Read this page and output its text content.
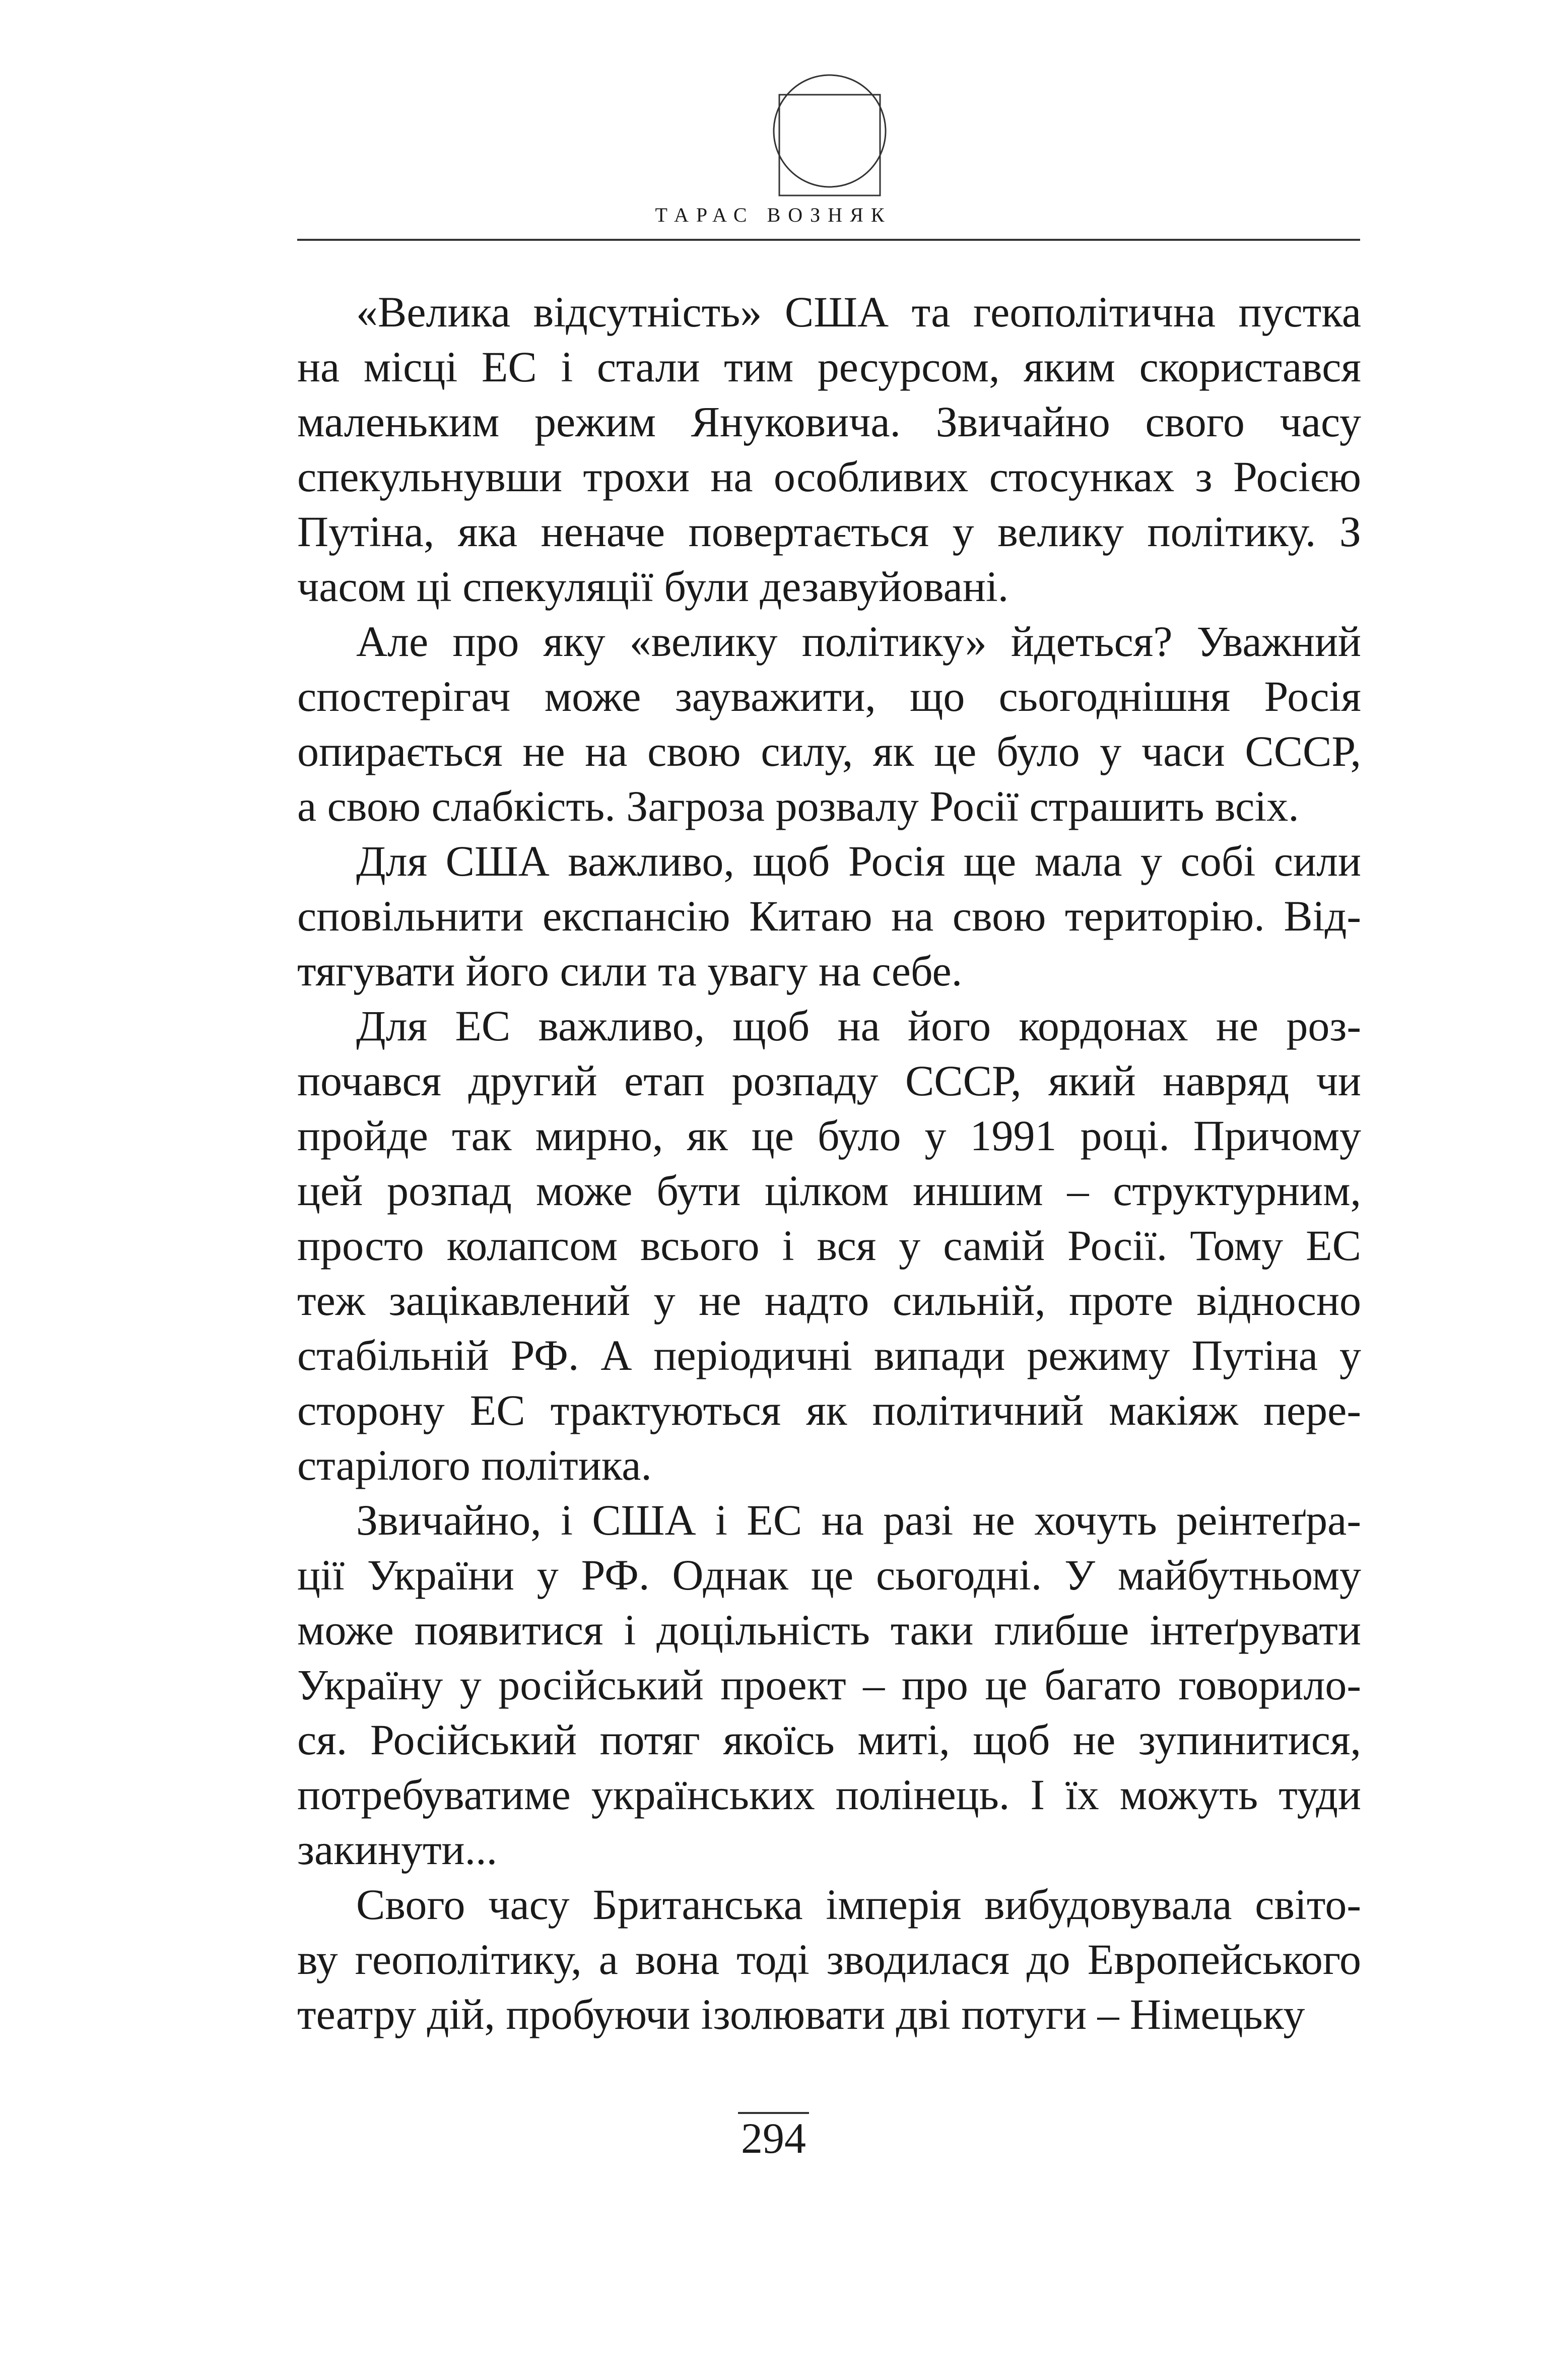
ТАРАС ВОЗНЯК
«Велика відсутність» США та геополітична пустка
на місці ЕС і стали тим ресурсом, яким скористався
маленьким режим Януковича. Звичайно свого часу
спекульнувши трохи на особливих стосунках з Росією
Путіна, яка неначе повертається у велику політику. З
часом ці спекуляції були дезавуйовані.
Але про яку «велику політику» йдеться? Уважний
спостерігач може зауважити, що сьогоднішня Росія
опирається не на свою силу, як це було у часи СССР,
а свою слабкість. Загроза розвалу Росії страшить всіх.
Для США важливо, щоб Росія ще мала у собі сили
сповільнити експансію Китаю на свою територію. Від-
тягувати його сили та увагу на себе.
Для ЕС важливо, щоб на його кордонах не роз-
почався другий етап розпаду СССР, який навряд чи
пройде так мирно, як це було у 1991 році. Причому
цей розпад може бути цілком иншим – структурним,
просто колапсом всього і вся у самій Росії. Тому ЕС
теж зацікавлений у не надто сильній, проте відносно
стабільній РФ. А періодичні випади режиму Путіна у
сторону ЕС трактуються як політичний макіяж пере-
старілого політика.
Звичайно, і США і ЕС на разі не хочуть реінтеґра-
ції України у РФ. Однак це сьогодні. У майбутньому
може появитися і доцільність таки глибше інтеґрувати
Україну у російський проект – про це багато говорило-
ся. Російський потяг якоїсь миті, щоб не зупинитися,
потребуватиме українських полінець. І їх можуть туди
закинути...
Свого часу Британська імперія вибудовувала світо-
ву геополітику, а вона тоді зводилася до Европейського
театру дій, пробуючи ізолювати дві потуги – Німецьку
294
